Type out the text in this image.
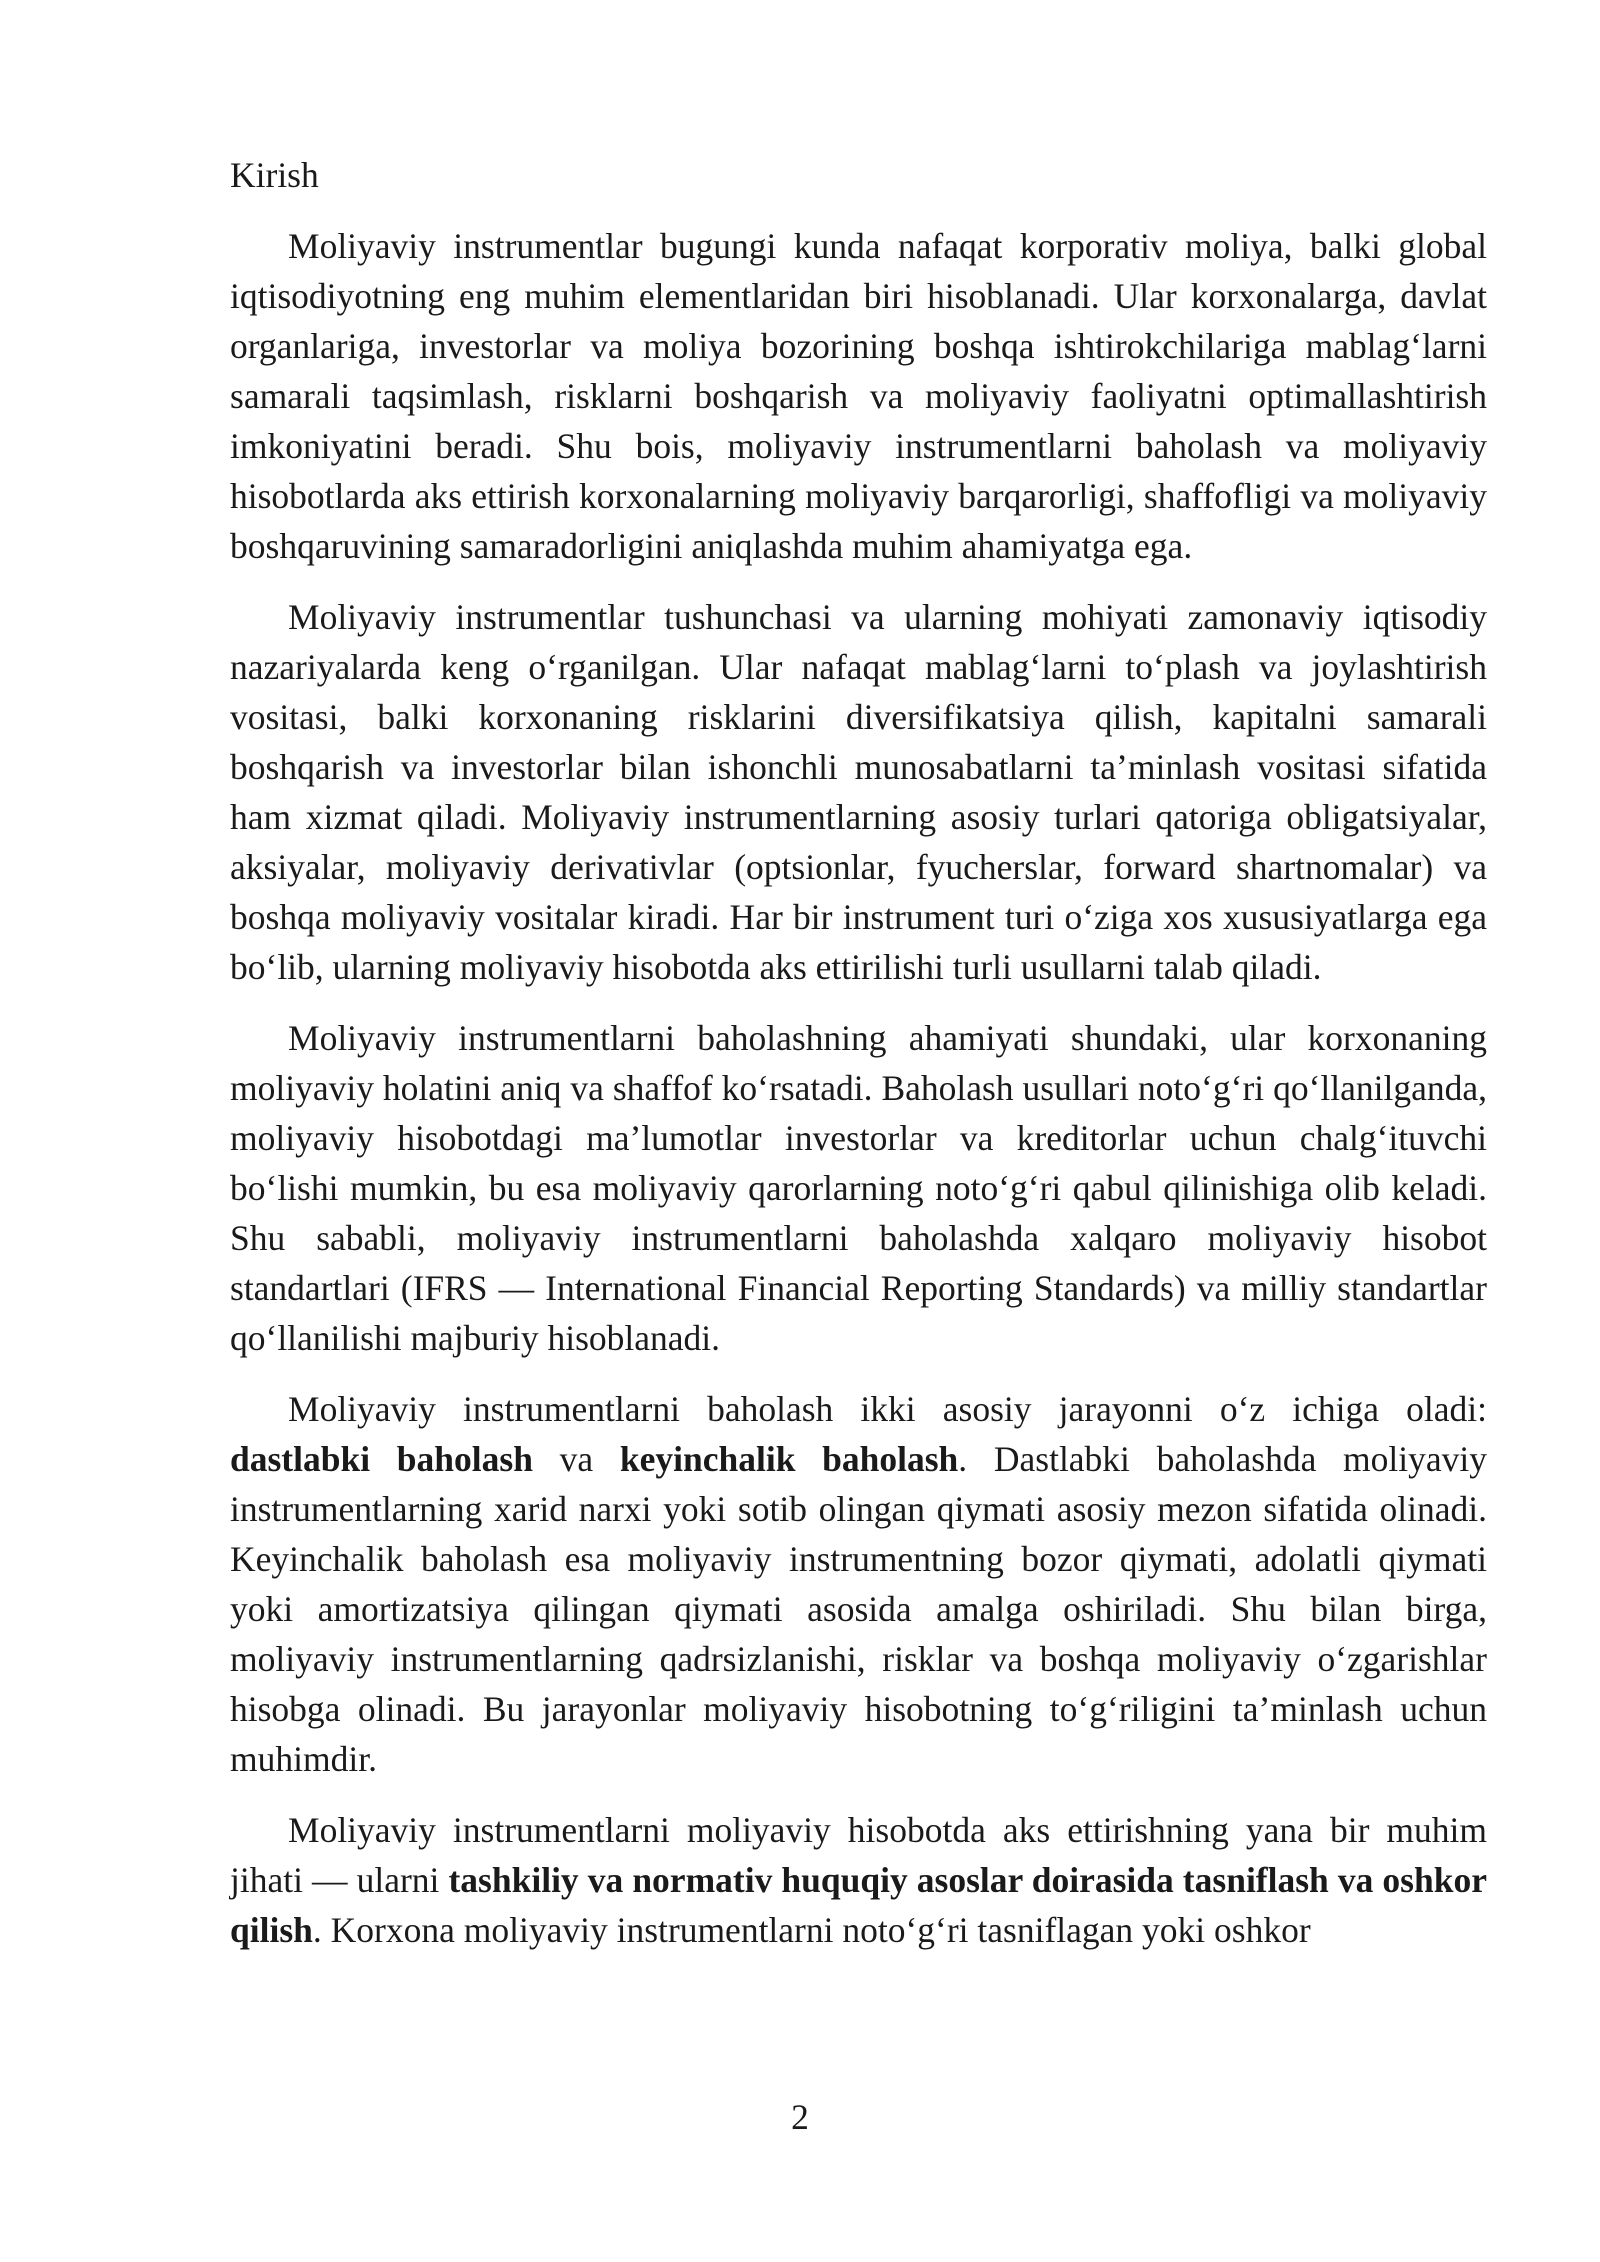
Kirish

Moliyaviy instrumentlar bugungi kunda nafaqat korporativ moliya, balki global iqtisodiyotning eng muhim elementlaridan biri hisoblanadi. Ular korxonalarga, davlat organlariga, investorlar va moliya bozorining boshqa ishtirokchilariga mablag‘larni samarali taqsimlash, risklarni boshqarish va moliyaviy faoliyatni optimallashtirish imkoniyatini beradi. Shu bois, moliyaviy instrumentlarni baholash va moliyaviy hisobotlarda aks ettirish korxonalarning moliyaviy barqarorligi, shaffofligi va moliyaviy boshqaruvining samaradorligini aniqlashda muhim ahamiyatga ega.

Moliyaviy instrumentlar tushunchasi va ularning mohiyati zamonaviy iqtisodiy nazariyalarda keng o‘rganilgan. Ular nafaqat mablag‘larni to‘plash va joylashtirish vositasi, balki korxonaning risklarini diversifikatsiya qilish, kapitalni samarali boshqarish va investorlar bilan ishonchli munosabatlarni ta’minlash vositasi sifatida ham xizmat qiladi. Moliyaviy instrumentlarning asosiy turlari qatoriga obligatsiyalar, aksiyalar, moliyaviy derivativlar (optsionlar, fyucherslar, forward shartnomalar) va boshqa moliyaviy vositalar kiradi. Har bir instrument turi o‘ziga xos xususiyatlarga ega bo‘lib, ularning moliyaviy hisobotda aks ettirilishi turli usullarni talab qiladi.

Moliyaviy instrumentlarni baholashning ahamiyati shundaki, ular korxonaning moliyaviy holatini aniq va shaffof ko‘rsatadi. Baholash usullari noto‘g‘ri qo‘llanilganda, moliyaviy hisobotdagi ma’lumotlar investorlar va kreditorlar uchun chalg‘ituvchi bo‘lishi mumkin, bu esa moliyaviy qarorlarning noto‘g‘ri qabul qilinishiga olib keladi. Shu sababli, moliyaviy instrumentlarni baholashda xalqaro moliyaviy hisobot standartlari (IFRS — International Financial Reporting Standards) va milliy standartlar qo‘llanilishi majburiy hisoblanadi.

Moliyaviy instrumentlarni baholash ikki asosiy jarayonni o‘z ichiga oladi: dastlabki baholash va keyinchalik baholash. Dastlabki baholashda moliyaviy instrumentlarning xarid narxi yoki sotib olingan qiymati asosiy mezon sifatida olinadi. Keyinchalik baholash esa moliyaviy instrumentning bozor qiymati, adolatli qiymati yoki amortizatsiya qilingan qiymati asosida amalga oshiriladi. Shu bilan birga, moliyaviy instrumentlarning qadrsizlanishi, risklar va boshqa moliyaviy o‘zgarishlar hisobga olinadi. Bu jarayonlar moliyaviy hisobotning to‘g‘riligini ta’minlash uchun muhimdir.

Moliyaviy instrumentlarni moliyaviy hisobotda aks ettirishning yana bir muhim jihati — ularni tashkiliy va normativ huquqiy asoslar doirasida tasniflash va oshkor qilish. Korxona moliyaviy instrumentlarni noto‘g‘ri tasniflagan yoki oshkor

2
